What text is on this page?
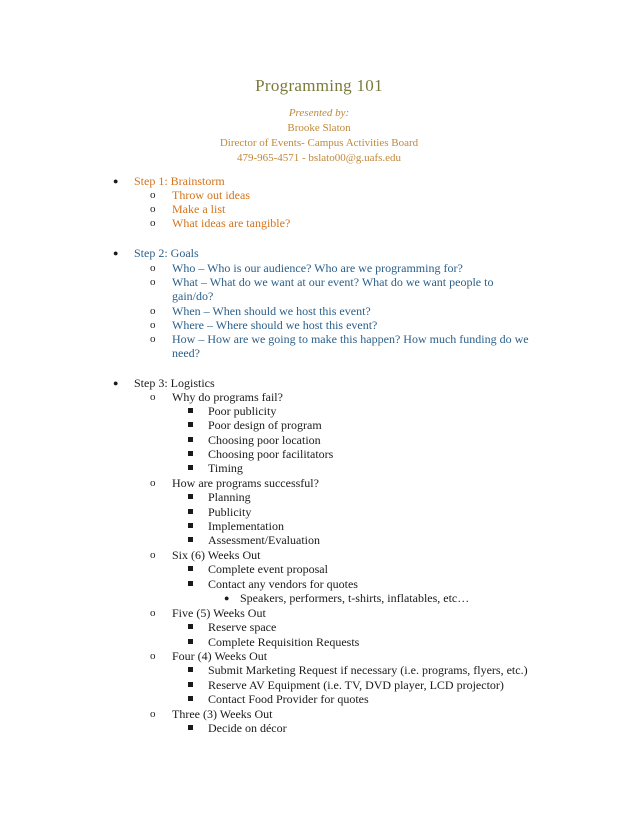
Programming 101
Presented by:
Brooke Slaton
Director of Events- Campus Activities Board
479-965-4571 - bslato00@g.uafs.edu
● Step 1: Brainstorm
o Throw out ideas
o Make a list
o What ideas are tangible?
● Step 2: Goals
o Who – Who is our audience? Who are we programming for?
o What – What do we want at our event? What do we want people to
gain/do?
o When – When should we host this event?
o Where – Where should we host this event?
o How – How are we going to make this happen? How much funding do we
need?
● Step 3: Logistics
o Why do programs fail?
Poor publicity
Poor design of program
Choosing poor location
Choosing poor facilitators
Timing
o How are programs successful?
Planning
Publicity
Implementation
Assessment/Evaluation
o Six (6) Weeks Out
Complete event proposal
Contact any vendors for quotes
● Speakers, performers, t-shirts, inflatables, etc…
o Five (5) Weeks Out
Reserve space
Complete Requisition Requests
o Four (4) Weeks Out
Submit Marketing Request if necessary (i.e. programs, flyers, etc.)
Reserve AV Equipment (i.e. TV, DVD player, LCD projector)
Contact Food Provider for quotes
o Three (3) Weeks Out
Decide on décor
